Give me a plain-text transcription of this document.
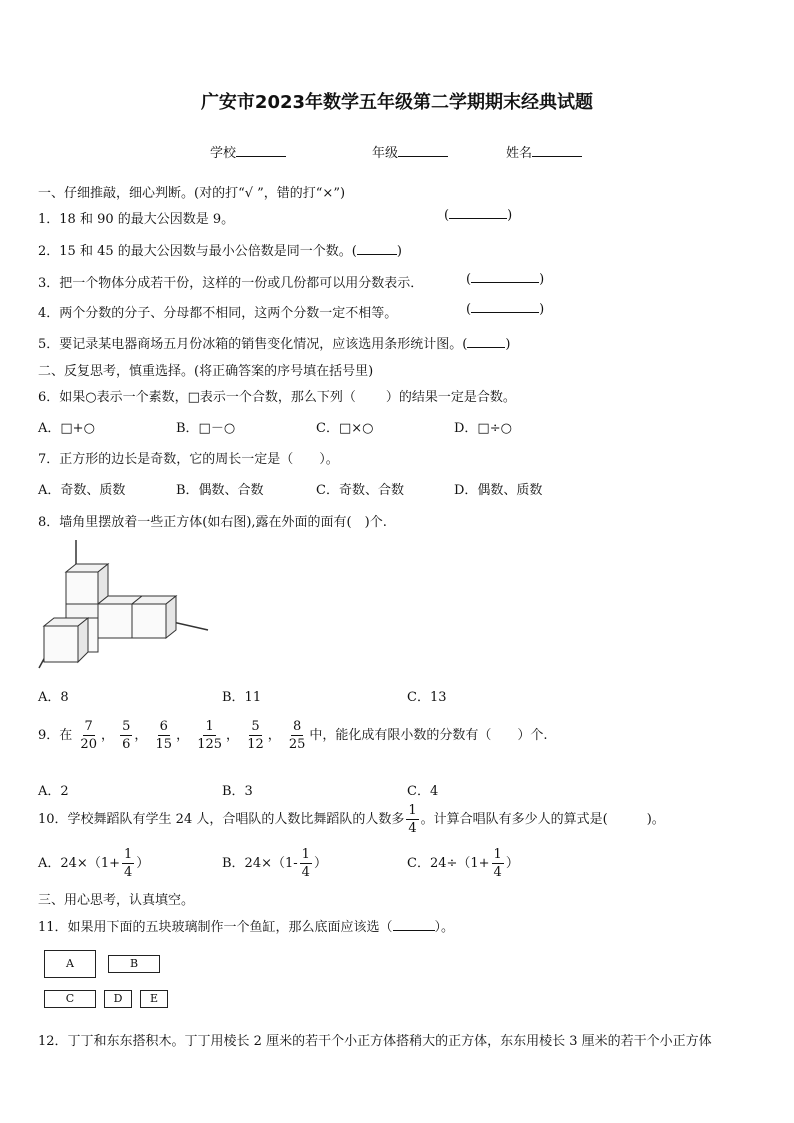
广安市2023年数学五年级第二学期期末经典试题
学校	年级	姓名
一、仔细推敲，细心判断。(对的打“√ ”，错的打“×”)
1．18 和 90 的最大公因数是 9。	(	)
2．15 和 45 的最大公因数与最小公倍数是同一个数。(	)
3．把一个物体分成若干份，这样的一份或几份都可以用分数表示．	(	)
4．两个分数的分子、分母都不相同，这两个分数一定不相等。	(	)
5．要记录某电器商场五月份冰箱的销售变化情况，应该选用条形统计图。(	)
二、反复思考，慎重选择。(将正确答案的序号填在括号里)
6．如果○表示一个素数，□表示一个合数，那么下列（ ）的结果一定是合数。
A．□+○	B．□－○	C．□×○	D．□÷○
7．正方形的边长是奇数，它的周长一定是（　　）。
A．奇数、质数	B．偶数、合数	C．奇数、合数	D．偶数、质数
8．墙角里摆放着一些正方体(如右图),露在外面的面有(　)个.
A．8	B．11	C．13
9．在 $\frac{7}{20}$ ， $\frac{5}{6}$ ， $\frac{6}{15}$ ， $\frac{1}{125}$ ， $\frac{5}{12}$ ， $\frac{8}{25}$ 中，能化成有限小数的分数有（　　）个.
A．2	B．3	C．4
10．学校舞蹈队有学生 24 人，合唱队的人数比舞蹈队的人数多 $\frac{1}{4}$ 。计算合唱队有多少人的算式是(　　　)。
A．$24\times(1+ \frac{1}{4}$ ）	B．$24\times(1- \frac{1}{4}$ ）	C．$24\div(1+ \frac{1}{4}$ ）
三、用心思考，认真填空。
11．如果用下面的五块玻璃制作一个鱼缸，那么底面应该选（	）。
A	B
C	D	E
12．丁丁和东东搭积木。丁丁用棱长 2 厘米的若干个小正方体搭稍大的正方体，东东用棱长 3 厘米的若干个小正方体
